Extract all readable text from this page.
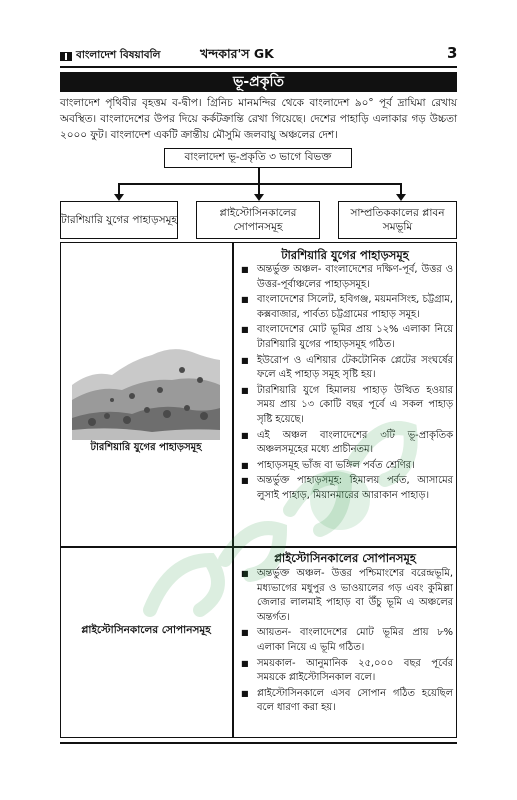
বাংলাদেশ বিষয়াবলি	খন্দকার'স GK	3
ভূ-প্রকৃতি
বাংলাদেশ পৃথিবীর বৃহত্তম ব-দ্বীপ। গ্রিনিচ মানমন্দির থেকে বাংলাদেশ ৯০° পূর্ব দ্রাঘিমা রেখায় অবস্থিত। বাংলাদেশের উপর দিয়ে কর্কটক্রান্তি রেখা গিয়েছে। দেশের পাহাড়ি এলাকার গড় উচ্চতা ২০০০ ফুট। বাংলাদেশ একটি ক্রান্তীয় মৌসুমি জলবায়ু অঞ্চলের দেশ।
বাংলাদেশ ভূ-প্রকৃতি ৩ ভাগে বিভক্ত
টারশিয়ারি যুগের পাহাড়সমূহ
প্লাইস্টোসিনকালের সোপানসমূহ
সাম্প্রতিককালের প্লাবন সমভূমি
টারশিয়ারি যুগের পাহাড়সমূহ
টারশিয়ারি যুগের পাহাড়সমূহ
■ অন্তর্ভুক্ত অঞ্চল- বাংলাদেশের দক্ষিণ-পূর্ব, উত্তর ও উত্তর-পূর্বাঞ্চলের পাহাড়সমূহ।
■ বাংলাদেশের সিলেট, হবিগঞ্জ, ময়মনসিংহ, চট্টগ্রাম, কক্সবাজার, পার্বত্য চট্টগ্রামের পাহাড় সমূহ।
■ বাংলাদেশের মোট ভূমির প্রায় ১২% এলাকা নিয়ে টারশিয়ারি যুগের পাহাড়সমূহ গঠিত।
■ ইউরোপ ও এশিয়ার টেকটোনিক প্লেটের সংঘর্ষের ফলে এই পাহাড় সমূহ সৃষ্টি হয়।
■ টারশিয়ারি যুগে হিমালয় পাহাড় উত্থিত হওয়ার সময় প্রায় ১৩ কোটি বছর পূর্বে এ সকল পাহাড় সৃষ্টি হয়েছে।
■ এই অঞ্চল বাংলাদেশের ৩টি ভূ-প্রাকৃতিক অঞ্চলসমূহের মধ্যে প্রাচীনতম।
■ পাহাড়সমূহ ভাঁজ বা ভঙ্গিল পর্বত শ্রেণির।
■ অন্তর্ভুক্ত পাহাড়সমূহ: হিমালয় পর্বত, আসামের লুসাই পাহাড়, মিয়ানমারের আরাকান পাহাড়।
প্লাইস্টোসিনকালের সোপানসমূহ
প্লাইস্টোসিনকালের সোপানসমূহ
■ অন্তর্ভুক্ত অঞ্চল- উত্তর পশ্চিমাংশের বরেন্দ্রভূমি, মধ্যভাগের মধুপুর ও ভাওয়ালের গড় এবং কুমিল্লা জেলার লালমাই পাহাড় বা উঁচু ভূমি এ অঞ্চলের অন্তর্গত।
■ আয়তন- বাংলাদেশের মোট ভূমির প্রায় ৮% এলাকা নিয়ে এ ভূমি গঠিত।
■ সময়কাল- আনুমানিক ২৫,০০০ বছর পূর্বের সময়কে প্লাইস্টোসিনকাল বলে।
■ প্লাইস্টোসিনকালে এসব সোপান গঠিত হয়েছিল বলে ধারণা করা হয়।
